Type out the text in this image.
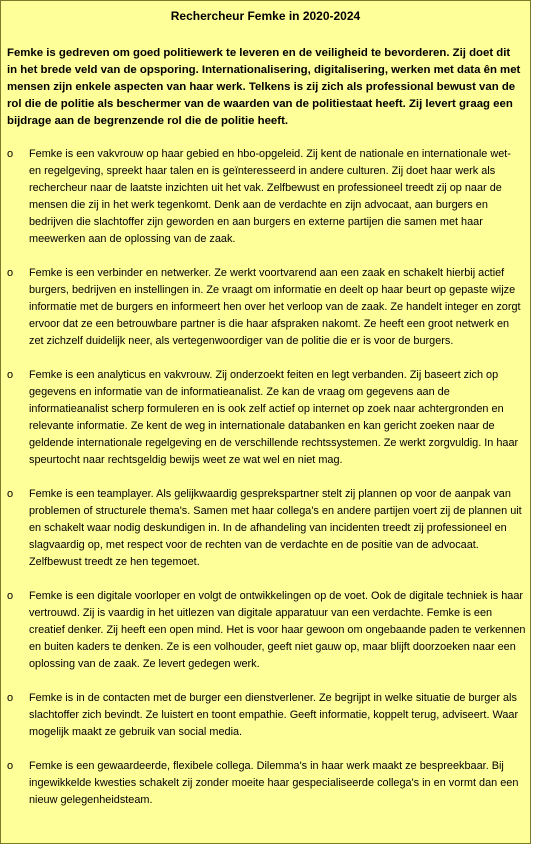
Rechercheur Femke in 2020-2024
Femke is gedreven om goed politiewerk te leveren en de veiligheid te bevorderen. Zij doet dit in het brede veld van de opsporing. Internationalisering, digitalisering, werken met data ên met mensen zijn enkele aspecten van haar werk. Telkens is zij zich als professional bewust van de rol die de politie als beschermer van de waarden van de politiestaat heeft. Zij levert graag een bijdrage aan de begrenzende rol die de politie heeft.
o Femke is een vakvrouw op haar gebied en hbo-opgeleid. Zij kent de nationale en internationale wet- en regelgeving, spreekt haar talen en is geïnteresseerd in andere culturen. Zij doet haar werk als rechercheur naar de laatste inzichten uit het vak. Zelfbewust en professioneel treedt zij op naar de mensen die zij in het werk tegenkomt. Denk aan de verdachte en zijn advocaat, aan burgers en bedrijven die slachtoffer zijn geworden en aan burgers en externe partijen die samen met haar meewerken aan de oplossing van de zaak.
o Femke is een verbinder en netwerker. Ze werkt voortvarend aan een zaak en schakelt hierbij actief burgers, bedrijven en instellingen in. Ze vraagt om informatie en deelt op haar beurt op gepaste wijze informatie met de burgers en informeert hen over het verloop van de zaak. Ze handelt integer en zorgt ervoor dat ze een betrouwbare partner is die haar afspraken nakomt. Ze heeft een groot netwerk en zet zichzelf duidelijk neer, als vertegenwoordiger van de politie die er is voor de burgers.
o Femke is een analyticus en vakvrouw. Zij onderzoekt feiten en legt verbanden. Zij baseert zich op gegevens en informatie van de informatieanalist. Ze kan de vraag om gegevens aan de informatieanalist scherp formuleren en is ook zelf actief op internet op zoek naar achtergronden en relevante informatie. Ze kent de weg in internationale databanken en kan gericht zoeken naar de geldende internationale regelgeving en de verschillende rechtssystemen. Ze werkt zorgvuldig. In haar speurtocht naar rechtsgeldig bewijs weet ze wat wel en niet mag.
o Femke is een teamplayer. Als gelijkwaardig gesprekspartner stelt zij plannen op voor de aanpak van problemen of structurele thema's. Samen met haar collega's en andere partijen voert zij de plannen uit en schakelt waar nodig deskundigen in. In de afhandeling van incidenten treedt zij professioneel en slagvaardig op, met respect voor de rechten van de verdachte en de positie van de advocaat. Zelfbewust treedt ze hen tegemoet.
o Femke is een digitale voorloper en volgt de ontwikkelingen op de voet. Ook de digitale techniek is haar vertrouwd. Zij is vaardig in het uitlezen van digitale apparatuur van een verdachte. Femke is een creatief denker. Zij heeft een open mind. Het is voor haar gewoon om ongebaande paden te verkennen en buiten kaders te denken. Ze is een volhouder, geeft niet gauw op, maar blijft doorzoeken naar een oplossing van de zaak. Ze levert gedegen werk.
o Femke is in de contacten met de burger een dienstverlener. Ze begrijpt in welke situatie de burger als slachtoffer zich bevindt. Ze luistert en toont empathie. Geeft informatie, koppelt terug, adviseert. Waar mogelijk maakt ze gebruik van social media.
o Femke is een gewaardeerde, flexibele collega. Dilemma's in haar werk maakt ze bespreekbaar. Bij ingewikkelde kwesties schakelt zij zonder moeite haar gespecialiseerde collega's in en vormt dan een nieuw gelegenheidsteam.
